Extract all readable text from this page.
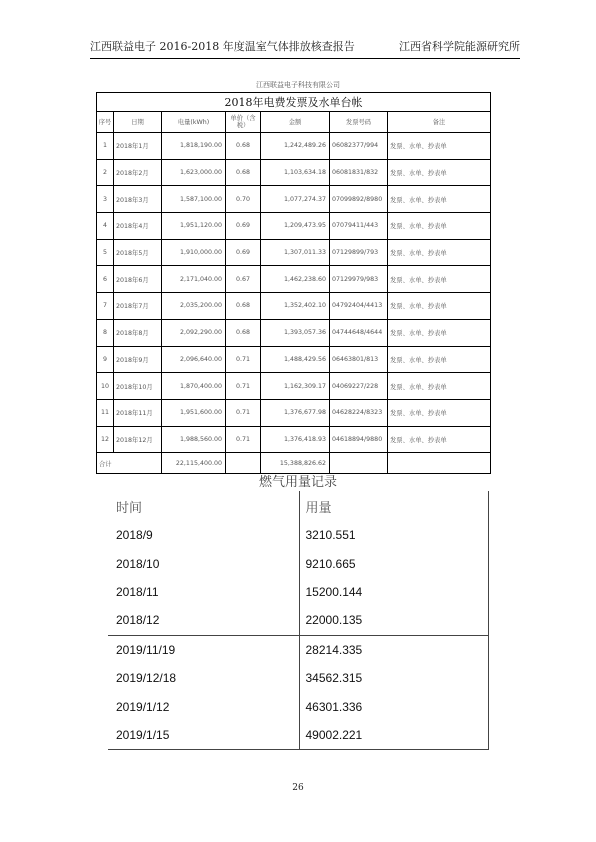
江西联益电子 2016-2018 年度温室气体排放核查报告	江西省科学院能源研究所
江西联益电子科技有限公司
2018年电费发票及水单台帐						
序号	日期	电量(kWh)	单价（含税）	金额	发票号码	备注
1	2018年1月	1,818,190.00	0.68	1,242,489.26	06082377/994	发票、水单、抄表单
2	2018年2月	1,623,000.00	0.68	1,103,634.18	06081831/832	发票、水单、抄表单
3	2018年3月	1,587,100.00	0.70	1,077,274.37	07099892/8980	发票、水单、抄表单
4	2018年4月	1,951,120.00	0.69	1,209,473.95	07079411/443	发票、水单、抄表单
5	2018年5月	1,910,000.00	0.69	1,307,011.33	07129899/793	发票、水单、抄表单
6	2018年6月	2,171,040.00	0.67	1,462,238.60	07129979/983	发票、水单、抄表单
7	2018年7月	2,035,200.00	0.68	1,352,402.10	04792404/4413	发票、水单、抄表单
8	2018年8月	2,092,290.00	0.68	1,393,057.36	04744648/4644	发票、水单、抄表单
9	2018年9月	2,096,640.00	0.71	1,488,429.56	06463801/813	发票、水单、抄表单
10	2018年10月	1,870,400.00	0.71	1,162,309.17	04069227/228	发票、水单、抄表单
11	2018年11月	1,951,600.00	0.71	1,376,677.98	04628224/8323	发票、水单、抄表单
12	2018年12月	1,988,560.00	0.71	1,376,418.93	04618894/9880	发票、水单、抄表单
合计		22,115,400.00		15,388,826.62		
燃气用量记录
时间	用量
2018/9	3210.551
2018/10	9210.665
2018/11	15200.144
2018/12	22000.135
2019/11/19	28214.335
2019/12/18	34562.315
2019/1/12	46301.336
2019/1/15	49002.221
26
